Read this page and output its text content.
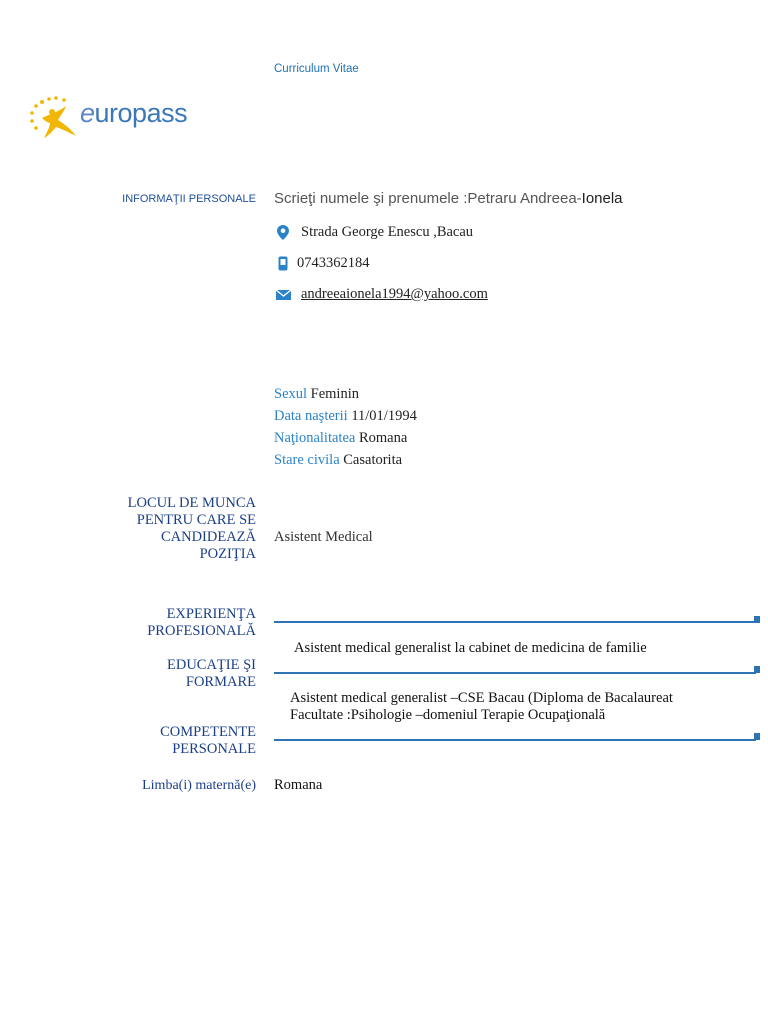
Curriculum Vitae
europass
INFORMAŢII PERSONALE Scrieţi numele şi prenumele :Petraru Andreea-Ionela
Strada George Enescu ,Bacau
0743362184
andreeaionela1994@yahoo.com
Sexul Feminin
Data naşterii 11/01/1994
Naţionalitatea Romana
Stare civila Casatorita
LOCUL DE MUNCA
PENTRU CARE SE
CANDIDEAZĂ
POZIŢIA
Asistent Medical
EXPERIENŢA
PROFESIONALĂ
Asistent medical generalist la cabinet de medicina de familie
EDUCAŢIE ŞI
FORMARE
Asistent medical generalist –CSE Bacau (Diploma de Bacalaureat
Facultate :Psihologie –domeniul Terapie Ocupaţională
COMPETENTE
PERSONALE
Limba(i) maternă(e) Romana
